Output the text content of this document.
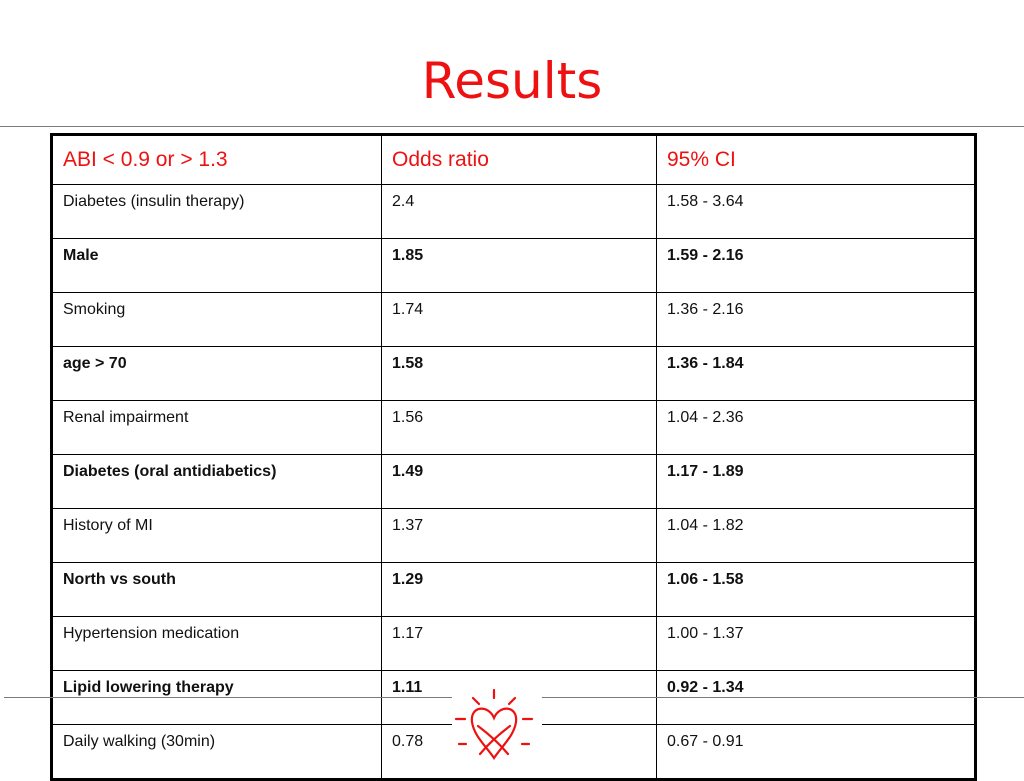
Results
ABI < 0.9 or > 1.3	Odds ratio	95% CI
Diabetes (insulin therapy)	2.4	1.58 - 3.64
Male	1.85	1.59 - 2.16
Smoking	1.74	1.36 - 2.16
age > 70	1.58	1.36 - 1.84
Renal impairment	1.56	1.04 - 2.36
Diabetes (oral antidiabetics)	1.49	1.17 - 1.89
History of MI	1.37	1.04 - 1.82
North vs south	1.29	1.06 - 1.58
Hypertension medication	1.17	1.00 - 1.37
Lipid lowering therapy	1.11	0.92 - 1.34
Daily walking (30min)	0.78	0.67 - 0.91
